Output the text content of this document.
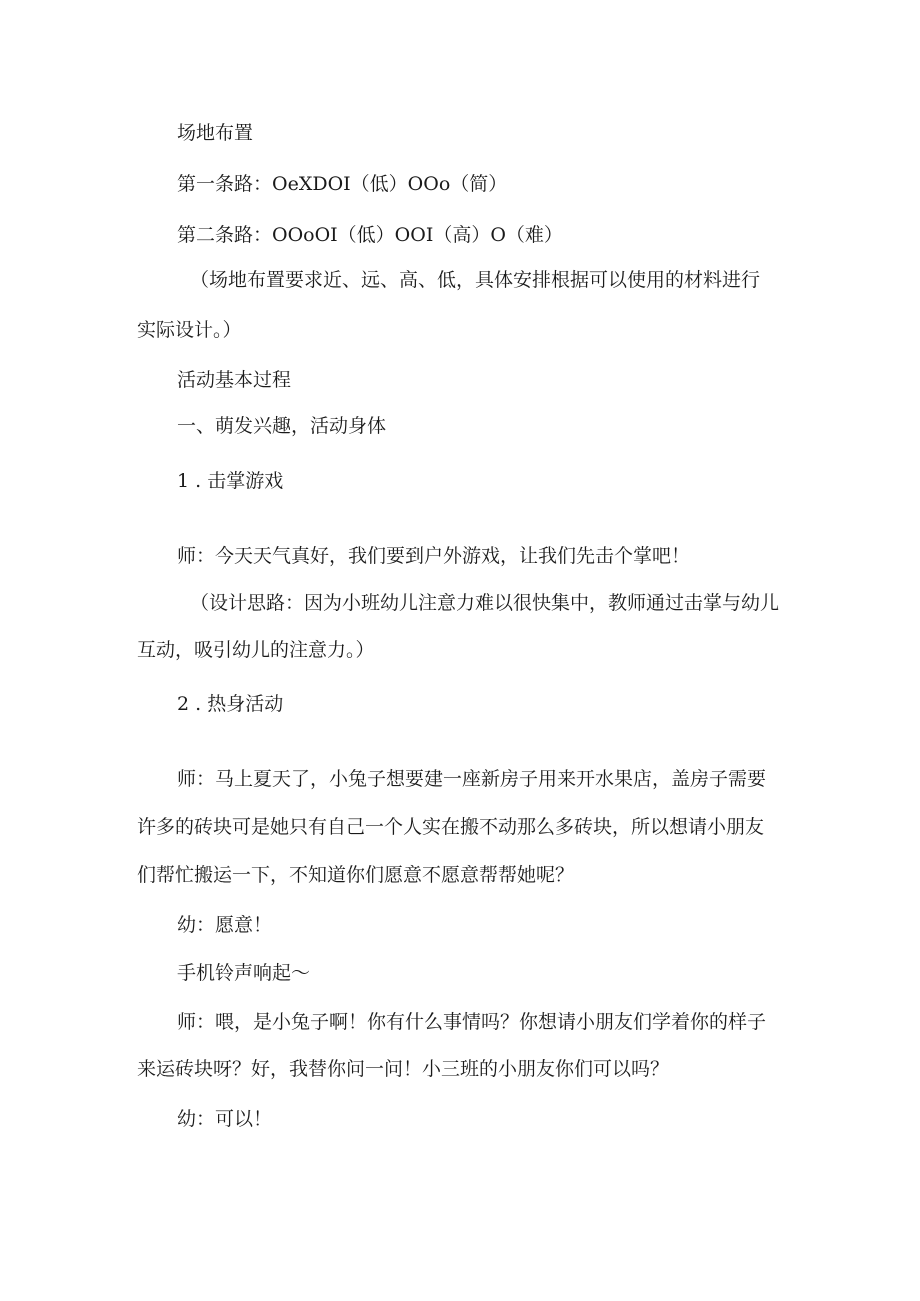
场地布置
第一条路：OeXDOI（低）OOo（简）
第二条路：OOoOI（低）OOI（高）O（难）
（场地布置要求近、远、高、低，具体安排根据可以使用的材料进行
实际设计。）
活动基本过程
一、萌发兴趣，活动身体
1 . 击掌游戏
师：今天天气真好，我们要到户外游戏，让我们先击个掌吧！
（设计思路：因为小班幼儿注意力难以很快集中，教师通过击掌与幼儿
互动，吸引幼儿的注意力。）
2 . 热身活动
师：马上夏天了，小兔子想要建一座新房子用来开水果店，盖房子需要
许多的砖块可是她只有自己一个人实在搬不动那么多砖块，所以想请小朋友
们帮忙搬运一下，不知道你们愿意不愿意帮帮她呢？
幼：愿意！
手机铃声响起～
师：喂，是小兔子啊！你有什么事情吗？你想请小朋友们学着你的样子
来运砖块呀？好，我替你问一问！小三班的小朋友你们可以吗？
幼：可以！
